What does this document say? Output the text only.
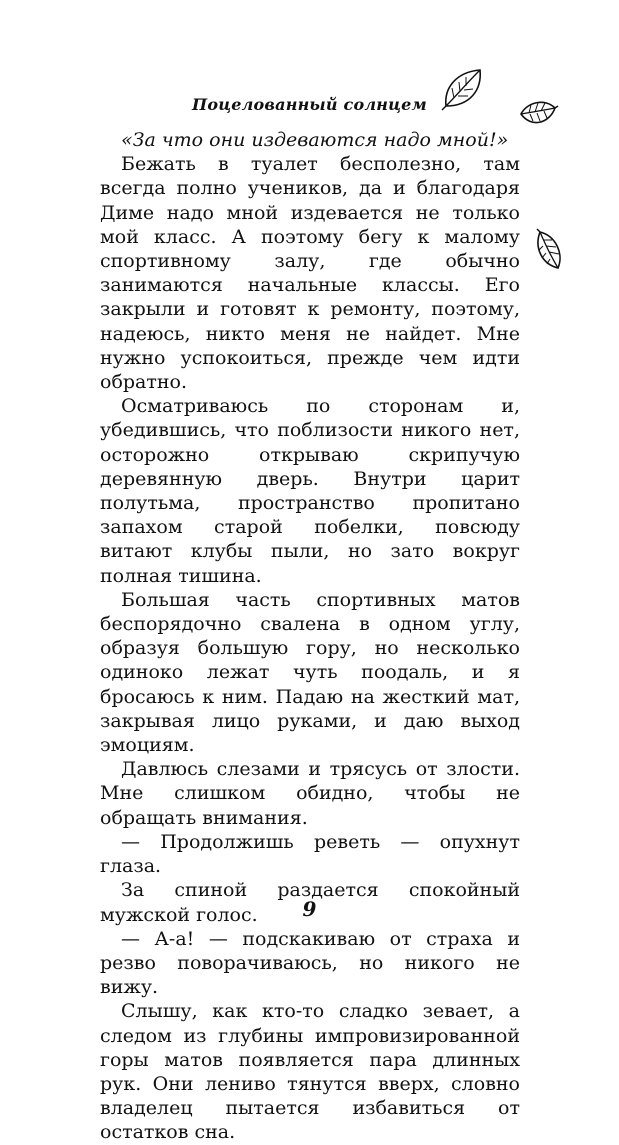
Поцелованный солнцем

«За что они издеваются надо мной!»

Бежать в туалет бесполезно, там всегда полно учеников, да и благодаря Диме надо мной издевается не только мой класс. А поэтому бегу к малому спортивному залу, где обычно занимаются начальные классы. Его закрыли и готовят к ремонту, поэтому, надеюсь, никто меня не найдет. Мне нужно успокоиться, прежде чем идти обратно.

Осматриваюсь по сторонам и, убедившись, что поблизости никого нет, осторожно открываю скрипучую деревянную дверь. Внутри царит полутьма, пространство пропитано запахом старой побелки, повсюду витают клубы пыли, но зато вокруг полная тишина.

Большая часть спортивных матов беспорядочно свалена в одном углу, образуя большую гору, но несколько одиноко лежат чуть поодаль, и я бросаюсь к ним. Падаю на жесткий мат, закрывая лицо руками, и даю выход эмоциям.

Давлюсь слезами и трясусь от злости. Мне слишком обидно, чтобы не обращать внимания.

— Продолжишь реветь — опухнут глаза.

За спиной раздается спокойный мужской голос.

— А-а! — подскакиваю от страха и резво поворачиваюсь, но никого не вижу.

Слышу, как кто-то сладко зевает, а следом из глубины импровизированной горы матов появляется пара длинных рук. Они лениво тянутся вверх, словно владелец пытается избавиться от остатков сна.

9
